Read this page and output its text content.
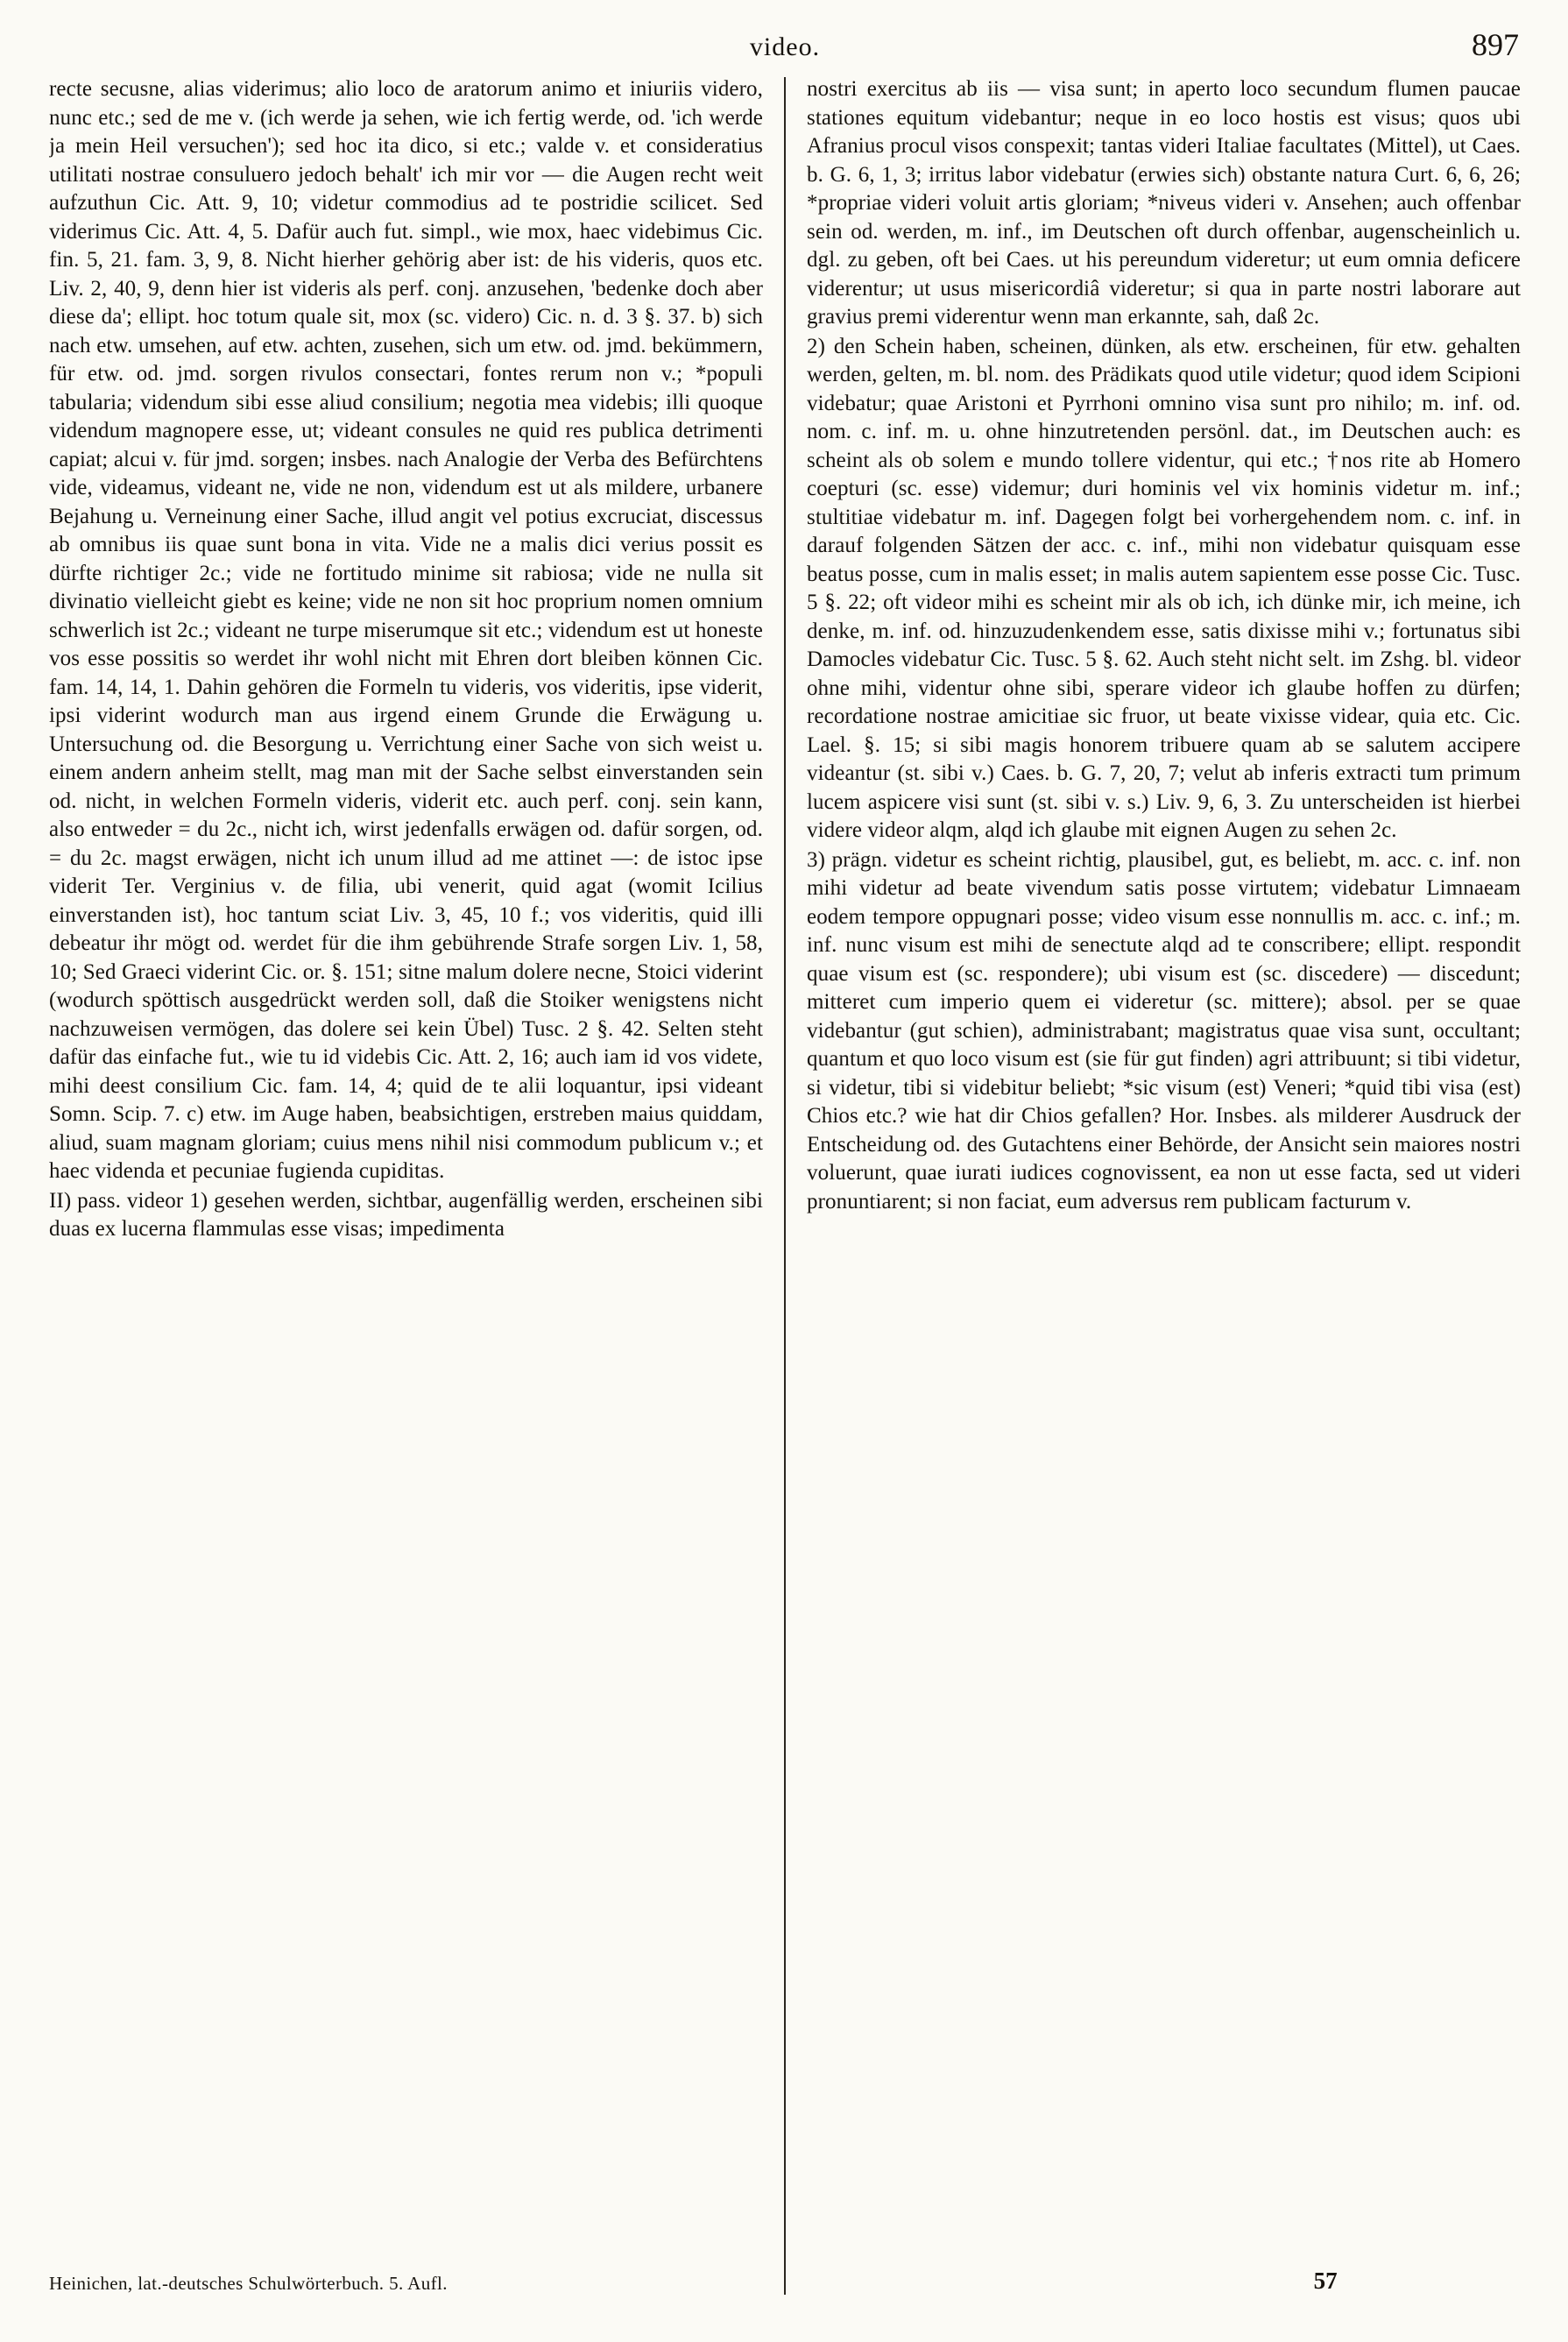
video.	897

recte secusne, alias viderimus; alio loco de aratorum animo et iniuriis videro, nunc etc.; sed de me v. (ich werde ja sehen, wie ich fertig werde, od. 'ich werde ja mein Heil versuchen'); sed hoc ita dico, si etc.; valde v. et consideratius utilitati nostrae consuluero jedoch behalt' ich mir vor — die Augen recht weit aufzuthun Cic. Att. 9, 10; videtur commodius ad te postridie scilicet. Sed viderimus Cic. Att. 4, 5. Dafür auch fut. simpl., wie mox, haec videbimus Cic. fin. 5, 21. fam. 3, 9, 8. Nicht hierher gehörig aber ist: de his videris, quos etc. Liv. 2, 40, 9, denn hier ist videris als perf. conj. anzusehen, 'bedenke doch aber diese da'; ellipt. hoc totum quale sit, mox (sc. videro) Cic. n. d. 3 §. 37. b) sich nach etw. umsehen, auf etw. achten, zusehen, sich um etw. od. jmd. bekümmern, für etw. od. jmd. sorgen rivulos consectari, fontes rerum non v.; *populi tabularia; videndum sibi esse aliud consilium; negotia mea videbis; illi quoque videndum magnopere esse, ut; videant consules ne quid res publica detrimenti capiat; alcui v. für jmd. sorgen; insbes. nach Analogie der Verba des Befürchtens vide, videamus, videant ne, vide ne non, videndum est ut als mildere, urbanere Bejahung u. Verneinung einer Sache, illud angit vel potius excruciat, discessus ab omnibus iis quae sunt bona in vita. Vide ne a malis dici verius possit es dürfte richtiger 2c.; vide ne fortitudo minime sit rabiosa; vide ne nulla sit divinatio vielleicht giebt es keine; vide ne non sit hoc proprium nomen omnium schwerlich ist 2c.; videant ne turpe miserumque sit etc.; videndum est ut honeste vos esse possitis so werdet ihr wohl nicht mit Ehren dort bleiben können Cic. fam. 14, 14, 1. Dahin gehören die Formeln tu videris, vos videritis, ipse viderit, ipsi viderint wodurch man aus irgend einem Grunde die Erwägung u. Untersuchung od. die Besorgung u. Verrichtung einer Sache von sich weist u. einem andern anheim stellt, mag man mit der Sache selbst einverstanden sein od. nicht, in welchen Formeln videris, viderit etc. auch perf. conj. sein kann, also entweder = du 2c., nicht ich, wirst jedenfalls erwägen od. dafür sorgen, od. = du 2c. magst erwägen, nicht ich unum illud ad me attinet —: de istoc ipse viderit Ter. Verginius v. de filia, ubi venerit, quid agat (womit Icilius einverstanden ist), hoc tantum sciat Liv. 3, 45, 10 f.; vos videritis, quid illi debeatur ihr mögt od. werdet für die ihm gebührende Strafe sorgen Liv. 1, 58, 10; Sed Graeci viderint Cic. or. §. 151; sitne malum dolere necne, Stoici viderint (wodurch spöttisch ausgedrückt werden soll, daß die Stoiker wenigstens nicht nachzuweisen vermögen, das dolere sei kein Übel) Tusc. 2 §. 42. Selten steht dafür das einfache fut., wie tu id videbis Cic. Att. 2, 16; auch iam id vos videte, mihi deest consilium Cic. fam. 14, 4; quid de te alii loquantur, ipsi videant Somn. Scip. 7. c) etw. im Auge haben, beabsichtigen, erstreben maius quiddam, aliud, suam magnam gloriam; cuius mens nihil nisi commodum publicum v.; et haec videnda et pecuniae fugienda cupiditas.

II) pass. videor 1) gesehen werden, sichtbar, augenfällig werden, erscheinen sibi duas ex lucerna flammulas esse visas; impedimenta

Heinichen, lat.-deutsches Schulwörterbuch. 5. Aufl.

nostri exercitus ab iis — visa sunt; in aperto loco secundum flumen paucae stationes equitum videbantur; neque in eo loco hostis est visus; quos ubi Afranius procul visos conspexit; tantas videri Italiae facultates (Mittel), ut Caes. b. G. 6, 1, 3; irritus labor videbatur (erwies sich) obstante natura Curt. 6, 6, 26; *propriae videri voluit artis gloriam; *niveus videri v. Ansehen; auch offenbar sein od. werden, m. inf., im Deutschen oft durch offenbar, augenscheinlich u. dgl. zu geben, oft bei Caes. ut his pereundum videretur; ut eum omnia deficere viderentur; ut usus misericordiâ videretur; si qua in parte nostri laborare aut gravius premi viderentur wenn man erkannte, sah, daß 2c.

2) den Schein haben, scheinen, dünken, als etw. erscheinen, für etw. gehalten werden, gelten, m. bl. nom. des Prädikats quod utile videtur; quod idem Scipioni videbatur; quae Aristoni et Pyrrhoni omnino visa sunt pro nihilo; m. inf. od. nom. c. inf. m. u. ohne hinzutretenden persönl. dat., im Deutschen auch: es scheint als ob solem e mundo tollere videntur, qui etc.; †nos rite ab Homero coepturi (sc. esse) videmur; duri hominis vel vix hominis videtur m. inf.; stultitiae videbatur m. inf. Dagegen folgt bei vorhergehendem nom. c. inf. in darauf folgenden Sätzen der acc. c. inf., mihi non videbatur quisquam esse beatus posse, cum in malis esset; in malis autem sapientem esse posse Cic. Tusc. 5 §. 22; oft videor mihi es scheint mir als ob ich, ich dünke mir, ich meine, ich denke, m. inf. od. hinzuzudenkendem esse, satis dixisse mihi v.; fortunatus sibi Damocles videbatur Cic. Tusc. 5 §. 62. Auch steht nicht selt. im Zshg. bl. videor ohne mihi, videntur ohne sibi, sperare videor ich glaube hoffen zu dürfen; recordatione nostrae amicitiae sic fruor, ut beate vixisse videar, quia etc. Cic. Lael. §. 15; si sibi magis honorem tribuere quam ab se salutem accipere videantur (st. sibi v.) Caes. b. G. 7, 20, 7; velut ab inferis extracti tum primum lucem aspicere visi sunt (st. sibi v. s.) Liv. 9, 6, 3. Zu unterscheiden ist hierbei videre videor alqm, alqd ich glaube mit eignen Augen zu sehen 2c.

3) prägn. videtur es scheint richtig, plausibel, gut, es beliebt, m. acc. c. inf. non mihi videtur ad beate vivendum satis posse virtutem; videbatur Limnaeam eodem tempore oppugnari posse; video visum esse nonnullis m. acc. c. inf.; m. inf. nunc visum est mihi de senectute alqd ad te conscribere; ellipt. respondit quae visum est (sc. respondere); ubi visum est (sc. discedere) — discedunt; mitteret cum imperio quem ei videretur (sc. mittere); absol. per se quae videbantur (gut schien), administrabant; magistratus quae visa sunt, occultant; quantum et quo loco visum est (sie für gut finden) agri attribuunt; si tibi videtur, si videtur, tibi si videbitur beliebt; *sic visum (est) Veneri; *quid tibi visa (est) Chios etc.? wie hat dir Chios gefallen? Hor. Insbes. als milderer Ausdruck der Entscheidung od. des Gutachtens einer Behörde, der Ansicht sein maiores nostri voluerunt, quae iurati iudices cognovissent, ea non ut esse facta, sed ut videri pronuntiarent; si non faciat, eum adversus rem publicam facturum v.

57
